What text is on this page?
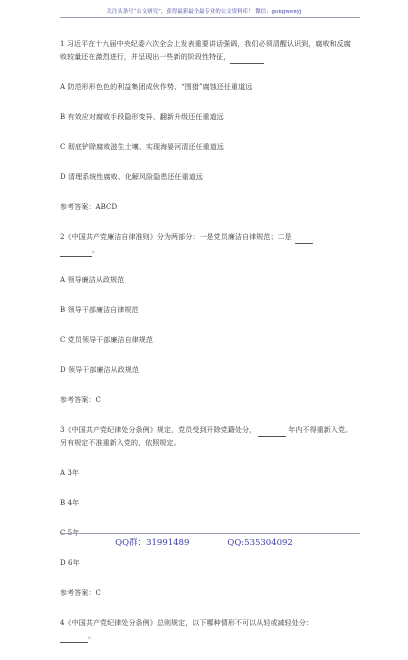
关注头条号“公文研究”，获得最新最全最专业的公文资料库！ 微信：gongwenyj
1 习近平在十九届中央纪委六次全会上发表重要讲话强调，我们必须清醒认识到，腐败和反腐败较量还在激烈进行，并呈现出一些新的阶段性特征，
A 防范形形色色的利益集团成伙作势、“围猎”腐蚀还任重道远
B 有效应对腐败手段隐形变异、翻新升级还任重道远
C 彻底铲除腐败滋生土壤、实现海晏河清还任重道远
D 清理系统性腐败、化解风险隐患还任重道远
参考答案：ABCD
2《中国共产党廉洁自律准则》分为两部分：一是党员廉洁自律规范；二是
。
A 领导廉洁从政规范
B 领导干部廉洁自律规范
C 党员领导干部廉洁自律规范
D 领导干部廉洁从政规范
参考答案：C
3《中国共产党纪律处分条例》规定，党员受到开除党籍处分，	年内不得重新入党。另有规定不准重新入党的，依照规定。
A 3年
B 4年
C 5年
D 6年
参考答案：C
4《中国共产党纪律处分条例》总则规定，以下哪种情形不可以从轻或减轻处分：
。
QQ群：31991489	QQ:535304092
